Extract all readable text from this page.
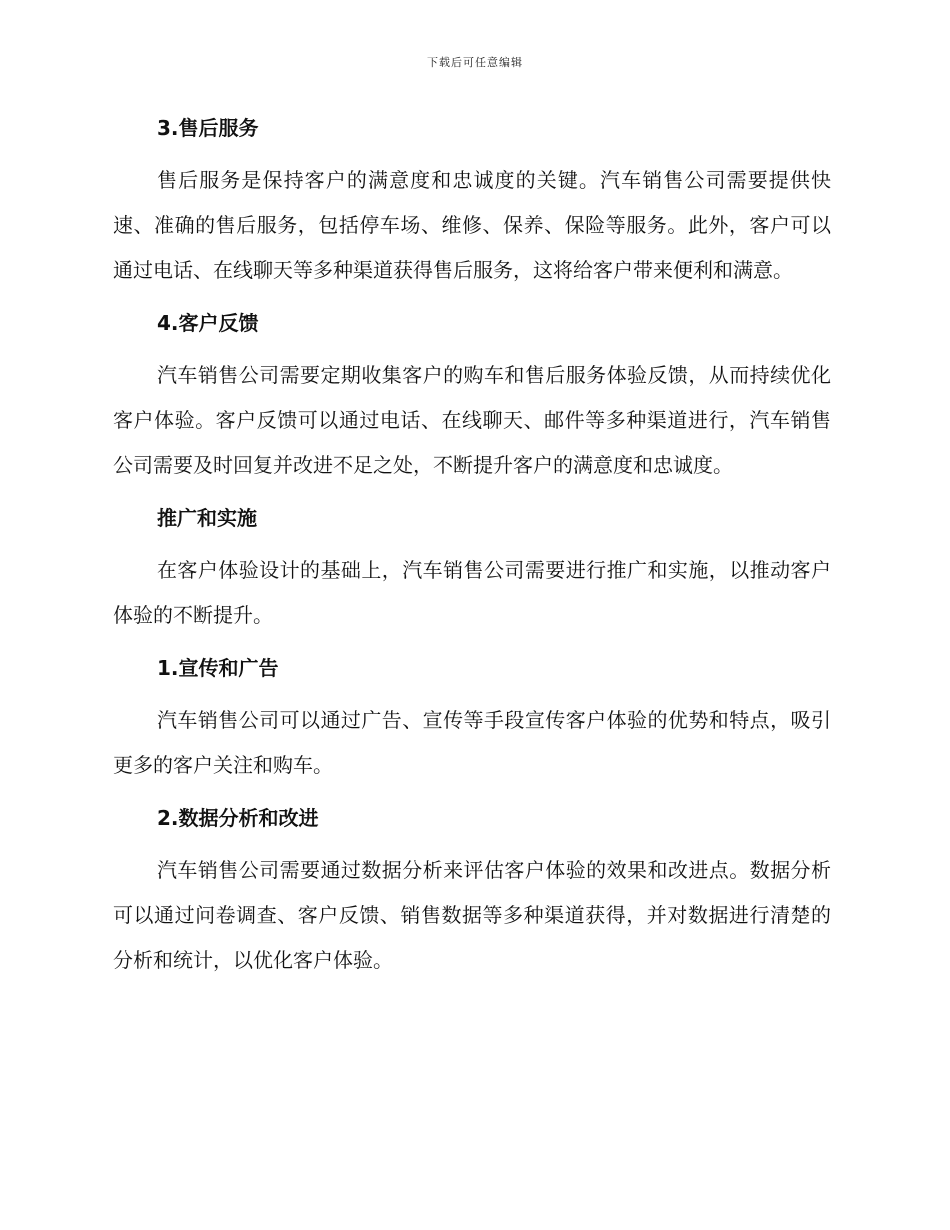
下载后可任意编辑
3.售后服务

售后服务是保持客户的满意度和忠诚度的关键。汽车销售公司需要提供快速、准确的售后服务，包括停车场、维修、保养、保险等服务。此外，客户可以通过电话、在线聊天等多种渠道获得售后服务，这将给客户带来便利和满意。

4.客户反馈

汽车销售公司需要定期收集客户的购车和售后服务体验反馈，从而持续优化客户体验。客户反馈可以通过电话、在线聊天、邮件等多种渠道进行，汽车销售公司需要及时回复并改进不足之处，不断提升客户的满意度和忠诚度。

推广和实施

在客户体验设计的基础上，汽车销售公司需要进行推广和实施，以推动客户体验的不断提升。

1.宣传和广告

汽车销售公司可以通过广告、宣传等手段宣传客户体验的优势和特点，吸引更多的客户关注和购车。

2.数据分析和改进

汽车销售公司需要通过数据分析来评估客户体验的效果和改进点。数据分析可以通过问卷调查、客户反馈、销售数据等多种渠道获得，并对数据进行清楚的分析和统计，以优化客户体验。
